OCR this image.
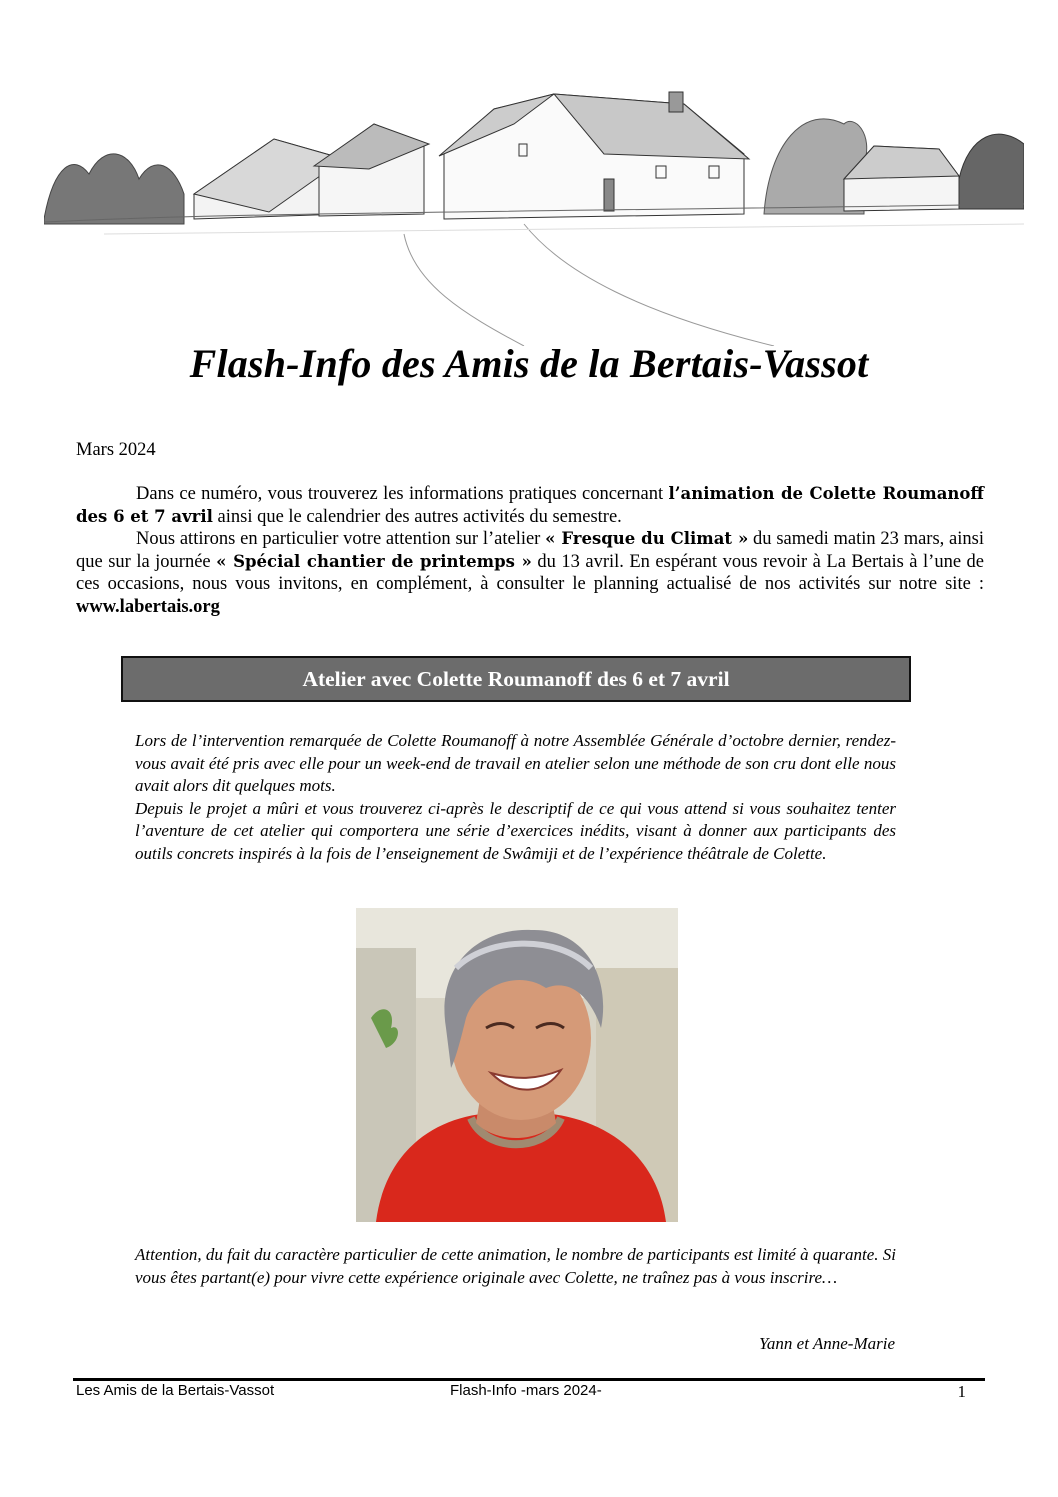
Flash-Info des Amis de la Bertais-Vassot
Mars 2024

Dans ce numéro, vous trouverez les informations pratiques concernant l’animation de Colette Roumanoff des 6 et 7 avril ainsi que le calendrier des autres activités du semestre.

Nous attirons en particulier votre attention sur l’atelier « Fresque du Climat » du samedi matin 23 mars, ainsi que sur la journée « Spécial chantier de printemps » du 13 avril. En espérant vous revoir à La Bertais à l’une de ces occasions, nous vous invitons, en complément, à consulter le planning actualisé de nos activités sur notre site : www.labertais.org

Atelier avec Colette Roumanoff des 6 et 7 avril

Lors de l’intervention remarquée de Colette Roumanoff à notre Assemblée Générale d’octobre dernier, rendez-vous avait été pris avec elle pour un week-end de travail en atelier selon une méthode de son cru dont elle nous avait alors dit quelques mots.

Depuis le projet a mûri et vous trouverez ci-après le descriptif de ce qui vous attend si vous souhaitez tenter l’aventure de cet atelier qui comportera une série d’exercices inédits, visant à donner aux participants des outils concrets inspirés à la fois de l’enseignement de Swâmiji et de l’expérience théâtrale de Colette.

Attention, du fait du caractère particulier de cette animation, le nombre de participants est limité à quarante. Si vous êtes partant(e) pour vivre cette expérience originale avec Colette, ne traînez pas à vous inscrire…

Yann et Anne-Marie
Les Amis de la Bertais-Vassot	Flash-Info -mars 2024-	1
